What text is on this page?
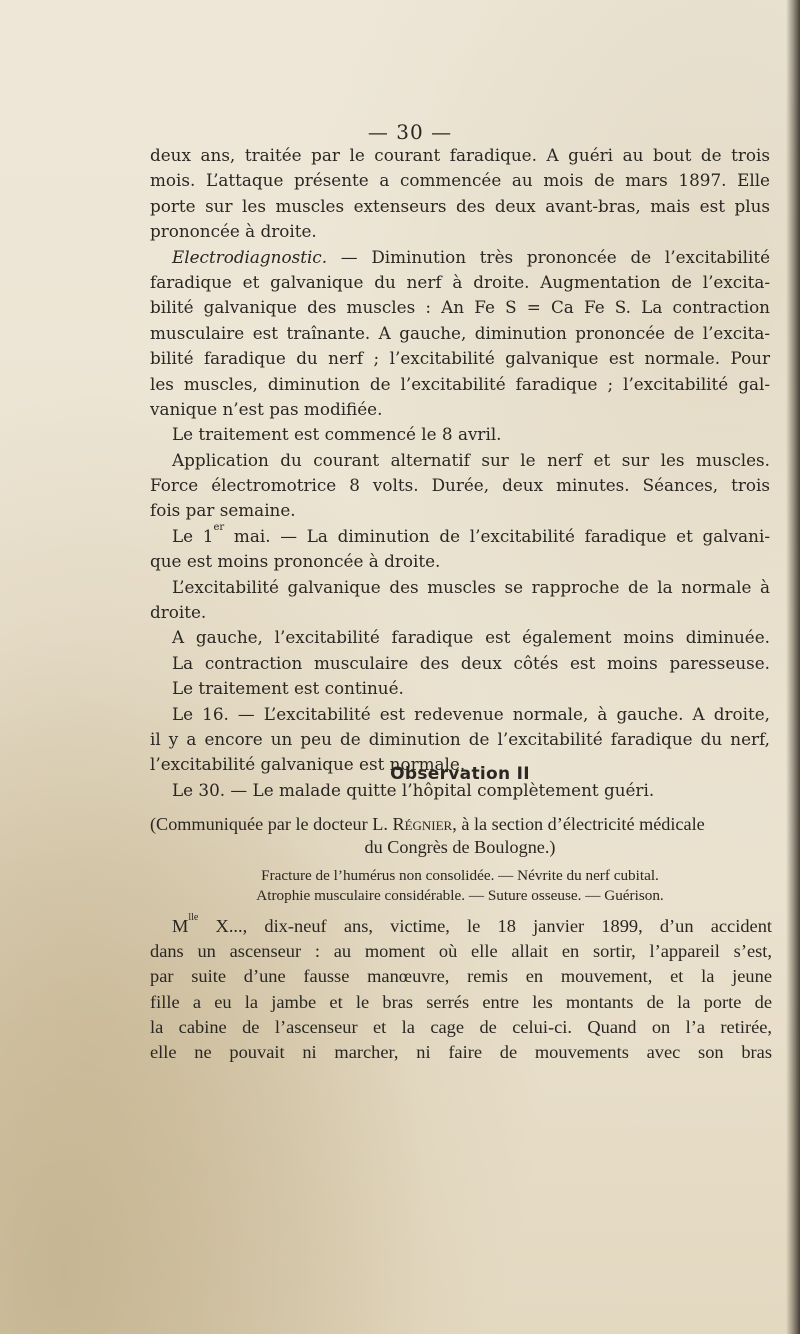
— 30 —
deux ans, traitée par le courant faradique. A guéri au bout de trois
mois. L’attaque présente a commencée au mois de mars 1897. Elle
porte sur les muscles extenseurs des deux avant-bras, mais est plus
prononcée à droite.
Electrodiagnostic. — Diminution très prononcée de l’excitabilité
faradique et galvanique du nerf à droite. Augmentation de l’excita-
bilité galvanique des muscles : An Fe S = Ca Fe S. La contraction
musculaire est traînante. A gauche, diminution prononcée de l’excita-
bilité faradique du nerf ; l’excitabilité galvanique est normale. Pour
les muscles, diminution de l’excitabilité faradique ; l’excitabilité gal-
vanique n’est pas modifiée.
Le traitement est commencé le 8 avril.
Application du courant alternatif sur le nerf et sur les muscles.
Force électromotrice 8 volts. Durée, deux minutes. Séances, trois
fois par semaine.
Le 1er mai. — La diminution de l’excitabilité faradique et galvani-
que est moins prononcée à droite.
L’excitabilité galvanique des muscles se rapproche de la normale à
droite.
A gauche, l’excitabilité faradique est également moins diminuée.
La contraction musculaire des deux côtés est moins paresseuse.
Le traitement est continué.
Le 16. — L’excitabilité est redevenue normale, à gauche. A droite,
il y a encore un peu de diminution de l’excitabilité faradique du nerf,
l’excitabilité galvanique est normale.
Le 30. — Le malade quitte l’hôpital complètement guéri.
Observation II
(Communiquée par le docteur L. Régnier, à la section d’électricité médicale
du Congrès de Boulogne.)
Fracture de l’humérus non consolidée. — Névrite du nerf cubital.
Atrophie musculaire considérable. — Suture osseuse. — Guérison.
$M^{lle}$ X..., dix-neuf ans, victime, le 18 janvier 1899, d’un accident
dans un ascenseur : au moment où elle allait en sortir, l’appareil s’est,
par suite d’une fausse manœuvre, remis en mouvement, et la jeune
fille a eu la jambe et le bras serrés entre les montants de la porte de
la cabine de l’ascenseur et la cage de celui-ci. Quand on l’a retirée,
elle ne pouvait ni marcher, ni faire de mouvements avec son bras
